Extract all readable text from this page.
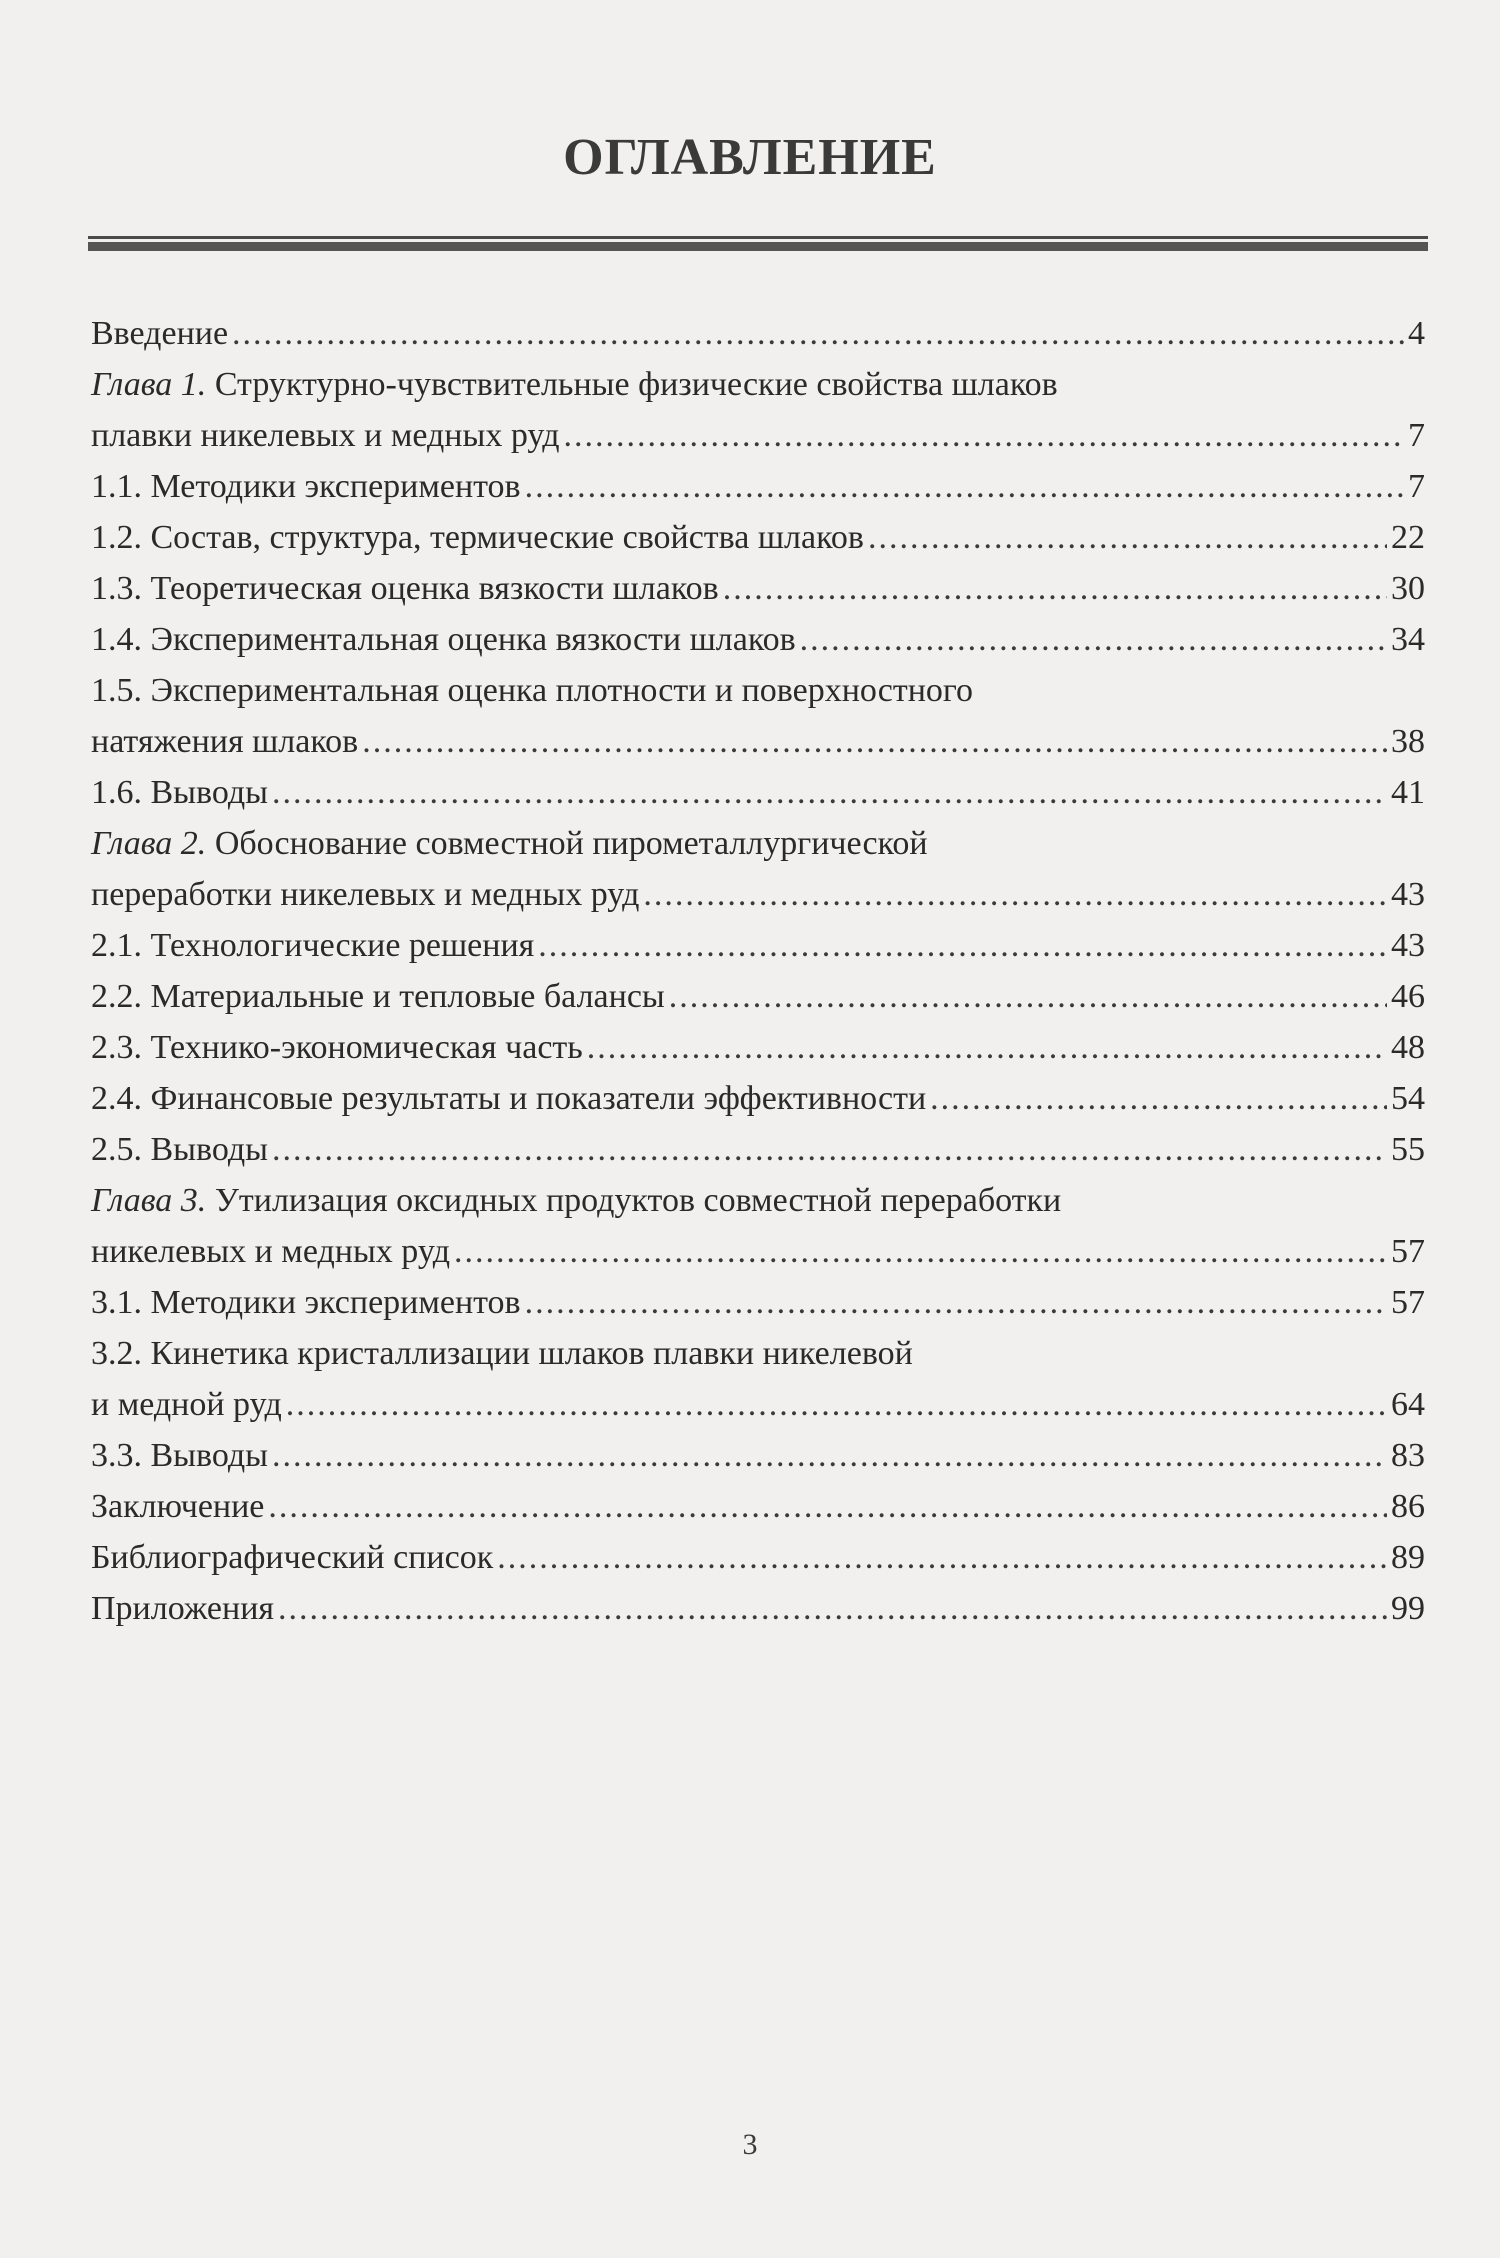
ОГЛАВЛЕНИЕ
Введение .....	4
Глава 1. Структурно-чувствительные физические свойства шлаков
плавки никелевых и медных руд .....	7
1.1. Методики экспериментов .....	7
1.2. Состав, структура, термические свойства шлаков .....	22
1.3. Теоретическая оценка вязкости шлаков .....	30
1.4. Экспериментальная оценка вязкости шлаков .....	34
1.5. Экспериментальная оценка плотности и поверхностного
натяжения шлаков .....	38
1.6. Выводы .....	41
Глава 2. Обоснование совместной пирометаллургической
переработки никелевых и медных руд .....	43
2.1. Технологические решения .....	43
2.2. Материальные и тепловые балансы .....	46
2.3. Технико-экономическая часть .....	48
2.4. Финансовые результаты и показатели эффективности .....	54
2.5. Выводы .....	55
Глава 3. Утилизация оксидных продуктов совместной переработки
никелевых и медных руд .....	57
3.1. Методики экспериментов .....	57
3.2. Кинетика кристаллизации шлаков плавки никелевой
и медной руд .....	64
3.3. Выводы .....	83
Заключение .....	86
Библиографический список .....	89
Приложения .....	99
3
